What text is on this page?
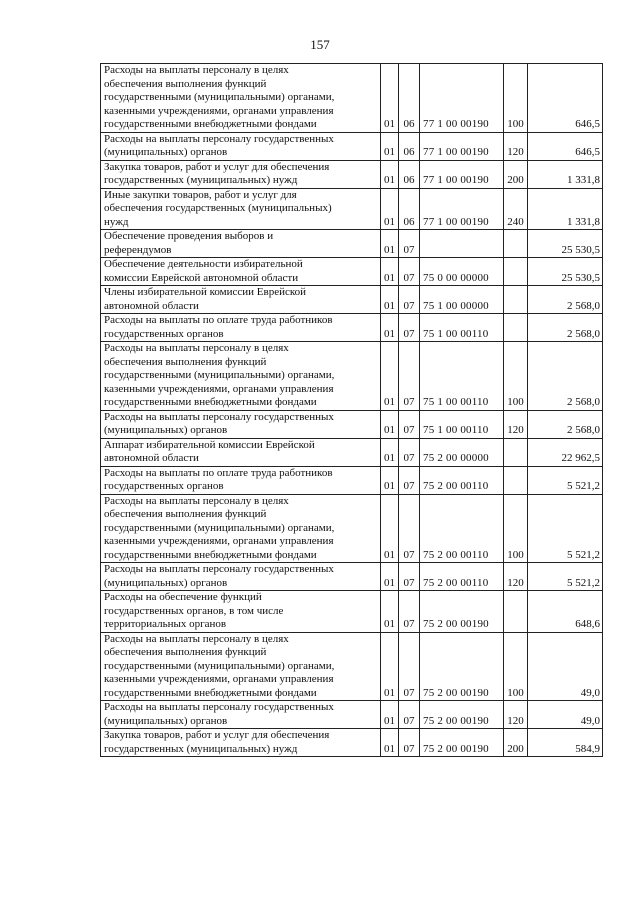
157
Расходы на выплаты персоналу в целях
обеспечения выполнения функций
государственными (муниципальными) органами,
казенными учреждениями, органами управления
государственными внебюджетными фондами	01	06	77 1 00 00190	100	646,5
Расходы на выплаты персоналу государственных
(муниципальных) органов	01	06	77 1 00 00190	120	646,5
Закупка товаров, работ и услуг для обеспечения
государственных (муниципальных) нужд	01	06	77 1 00 00190	200	1 331,8
Иные закупки товаров, работ и услуг для
обеспечения государственных (муниципальных)
нужд	01	06	77 1 00 00190	240	1 331,8
Обеспечение проведения выборов и
референдумов	01	07			25 530,5
Обеспечение деятельности избирательной
комиссии Еврейской автономной области	01	07	75 0 00 00000		25 530,5
Члены избирательной комиссии Еврейской
автономной области	01	07	75 1 00 00000		2 568,0
Расходы на выплаты по оплате труда работников
государственных органов	01	07	75 1 00 00110		2 568,0
Расходы на выплаты персоналу в целях
обеспечения выполнения функций
государственными (муниципальными) органами,
казенными учреждениями, органами управления
государственными внебюджетными фондами	01	07	75 1 00 00110	100	2 568,0
Расходы на выплаты персоналу государственных
(муниципальных) органов	01	07	75 1 00 00110	120	2 568,0
Аппарат избирательной комиссии Еврейской
автономной области	01	07	75 2 00 00000		22 962,5
Расходы на выплаты по оплате труда работников
государственных органов	01	07	75 2 00 00110		5 521,2
Расходы на выплаты персоналу в целях
обеспечения выполнения функций
государственными (муниципальными) органами,
казенными учреждениями, органами управления
государственными внебюджетными фондами	01	07	75 2 00 00110	100	5 521,2
Расходы на выплаты персоналу государственных
(муниципальных) органов	01	07	75 2 00 00110	120	5 521,2
Расходы на обеспечение функций
государственных органов, в том числе
территориальных органов	01	07	75 2 00 00190		648,6
Расходы на выплаты персоналу в целях
обеспечения выполнения функций
государственными (муниципальными) органами,
казенными учреждениями, органами управления
государственными внебюджетными фондами	01	07	75 2 00 00190	100	49,0
Расходы на выплаты персоналу государственных
(муниципальных) органов	01	07	75 2 00 00190	120	49,0
Закупка товаров, работ и услуг для обеспечения
государственных (муниципальных) нужд	01	07	75 2 00 00190	200	584,9
